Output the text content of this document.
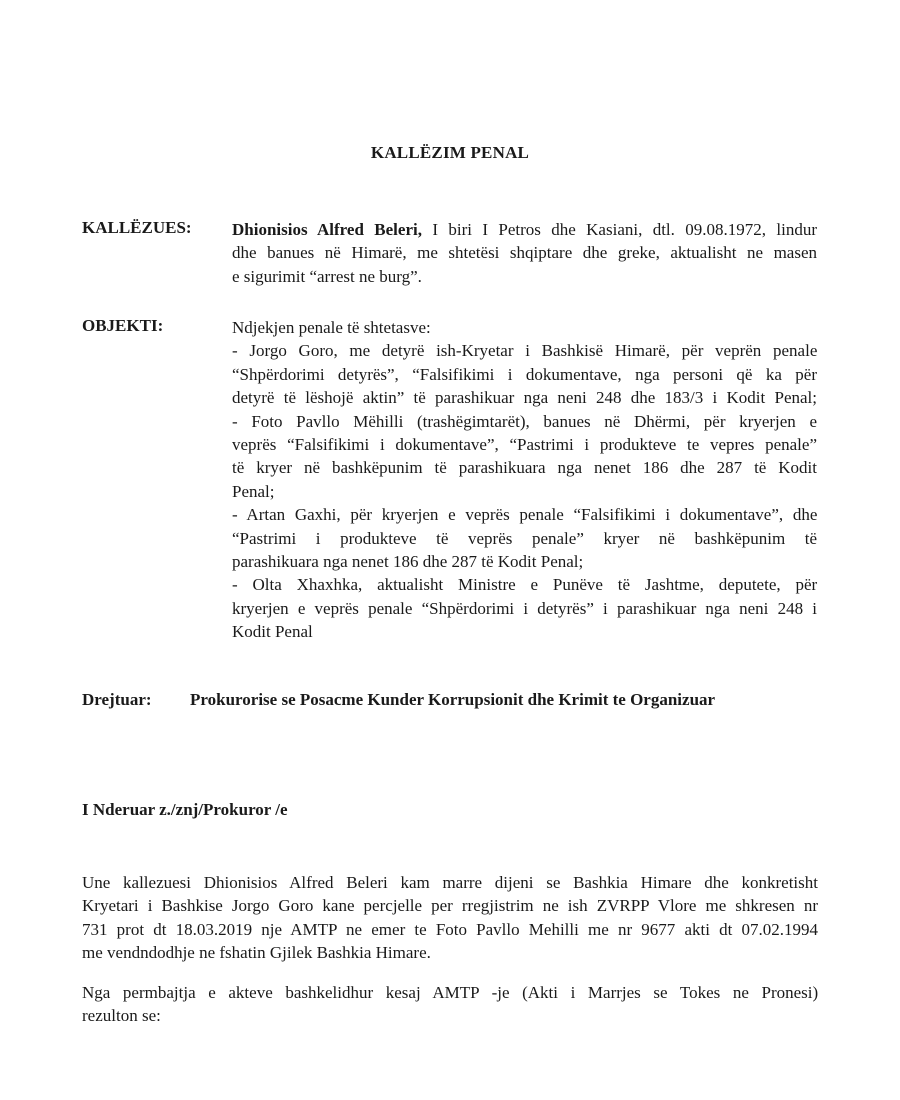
KALLËZIM PENAL
KALLËZUES: Dhionisios Alfred Beleri, I biri I Petros dhe Kasiani, dtl. 09.08.1972, lindur
dhe banues në Himarë, me shtetësi shqiptare dhe greke, aktualisht ne masen
e sigurimit “arrest ne burg”.
OBJEKTI:	Ndjekjen penale të shtetasve:
- Jorgo Goro, me detyrë ish-Kryetar i Bashkisë Himarë, për veprën penale
“Shpërdorimi detyrës”, “Falsifikimi i dokumentave, nga personi që ka për
detyrë të lëshojë aktin” të parashikuar nga neni 248 dhe 183/3 i Kodit Penal;
- Foto Pavllo Mëhilli (trashëgimtarët), banues në Dhërmi, për kryerjen e
veprës “Falsifikimi i dokumentave”, “Pastrimi i produkteve te vepres penale”
të kryer në bashkëpunim të parashikuara nga nenet 186 dhe 287 të Kodit
Penal;
- Artan Gaxhi, për kryerjen e veprës penale “Falsifikimi i dokumentave”, dhe
“Pastrimi i produkteve të veprës penale” kryer në bashkëpunim të
parashikuara nga nenet 186 dhe 287 të Kodit Penal;
- Olta Xhaxhka, aktualisht Ministre e Punëve të Jashtme, deputete, për
kryerjen e veprës penale “Shpërdorimi i detyrës” i parashikuar nga neni 248 i
Kodit Penal
Drejtuar: Prokurorise se Posacme Kunder Korrupsionit dhe Krimit te Organizuar
I Nderuar z./znj/Prokuror /e
Une kallezuesi Dhionisios Alfred Beleri kam marre dijeni se Bashkia Himare dhe konkretisht
Kryetari i Bashkise Jorgo Goro kane percjelle per rregjistrim ne ish ZVRPP Vlore me shkresen nr
731 prot dt 18.03.2019 nje AMTP ne emer te Foto Pavllo Mehilli me nr 9677 akti dt 07.02.1994
me vendndodhje ne fshatin Gjilek Bashkia Himare.
Nga permbajtja e akteve bashkelidhur kesaj AMTP -je (Akti i Marrjes se Tokes ne Pronesi)
rezulton se:
